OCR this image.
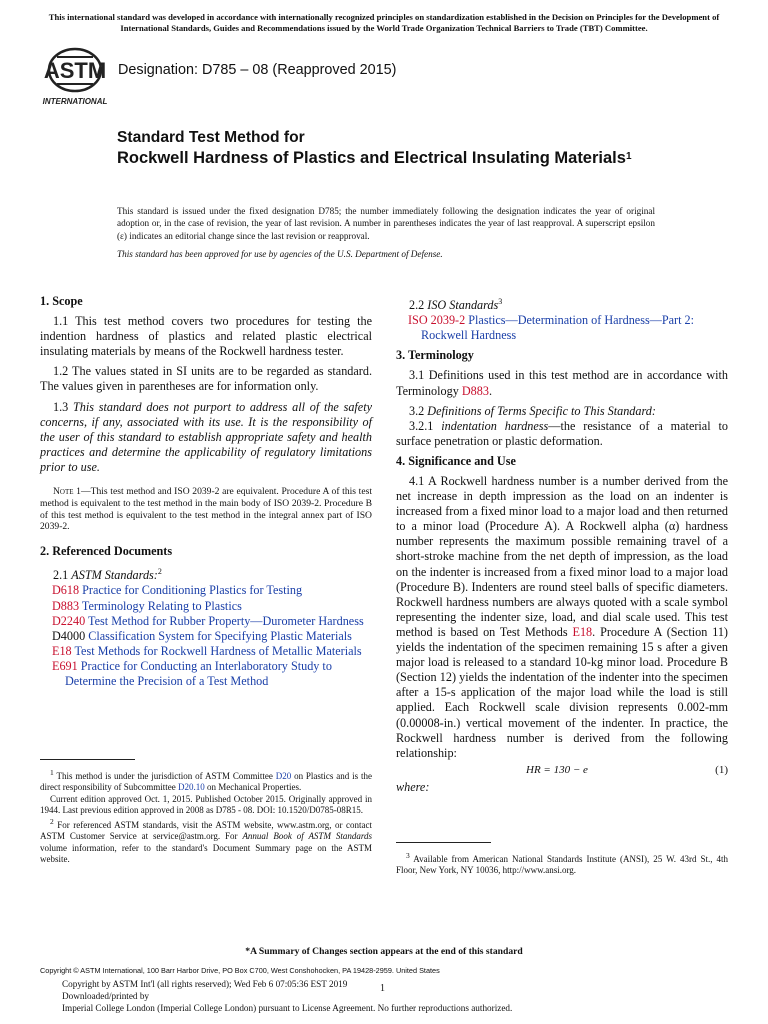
This international standard was developed in accordance with internationally recognized principles on standardization established in the Decision on Principles for the Development of International Standards, Guides and Recommendations issued by the World Trade Organization Technical Barriers to Trade (TBT) Committee.
ASTM
INTERNATIONAL
Designation: D785 – 08 (Reapproved 2015)
Standard Test Method for
Rockwell Hardness of Plastics and Electrical Insulating Materials$^1$
This standard is issued under the fixed designation D785; the number immediately following the designation indicates the year of original adoption or, in the case of revision, the year of last revision. A number in parentheses indicates the year of last reapproval. A superscript epsilon (ε) indicates an editorial change since the last revision or reapproval.
This standard has been approved for use by agencies of the U.S. Department of Defense.

1. Scope

1.1 This test method covers two procedures for testing the indention hardness of plastics and related plastic electrical insulating materials by means of the Rockwell hardness tester.

1.2 The values stated in SI units are to be regarded as standard. The values given in parentheses are for information only.

1.3 This standard does not purport to address all of the safety concerns, if any, associated with its use. It is the responsibility of the user of this standard to establish appropriate safety and health practices and determine the applicability of regulatory limitations prior to use.

Note 1—This test method and ISO 2039-2 are equivalent. Procedure A of this test method is equivalent to the test method in the main body of ISO 2039-2. Procedure B of this test method is equivalent to the test method in the integral annex part of ISO 2039-2.

2. Referenced Documents

2.1 ASTM Standards:$^2$

D618 Practice for Conditioning Plastics for Testing

D883 Terminology Relating to Plastics

D2240 Test Method for Rubber Property—Durometer Hardness

D4000 Classification System for Specifying Plastic Materials

E18 Test Methods for Rockwell Hardness of Metallic Materials

E691 Practice for Conducting an Interlaboratory Study to Determine the Precision of a Test Method

$^1$ This method is under the jurisdiction of ASTM Committee D20 on Plastics and is the direct responsibility of Subcommittee D20.10 on Mechanical Properties.

Current edition approved Oct. 1, 2015. Published October 2015. Originally approved in 1944. Last previous edition approved in 2008 as D785 - 08. DOI: 10.1520/D0785-08R15.

$^2$ For referenced ASTM standards, visit the ASTM website, www.astm.org, or contact ASTM Customer Service at service@astm.org. For Annual Book of ASTM Standards volume information, refer to the standard's Document Summary page on the ASTM website.

2.2 ISO Standards$^3$

ISO 2039-2 Plastics—Determination of Hardness—Part 2: Rockwell Hardness

3. Terminology

3.1 Definitions used in this test method are in accordance with Terminology D883.

3.2 Definitions of Terms Specific to This Standard:

3.2.1 indentation hardness—the resistance of a material to surface penetration or plastic deformation.

4. Significance and Use

4.1 A Rockwell hardness number is a number derived from the net increase in depth impression as the load on an indenter is increased from a fixed minor load to a major load and then returned to a minor load (Procedure A). A Rockwell alpha (α) hardness number represents the maximum possible remaining travel of a short-stroke machine from the net depth of impression, as the load on the indenter is increased from a fixed minor load to a major load (Procedure B). Indenters are round steel balls of specific diameters. Rockwell hardness numbers are always quoted with a scale symbol representing the indenter size, load, and dial scale used. This test method is based on Test Methods E18. Procedure A (Section 11) yields the indentation of the specimen remaining 15 s after a given major load is released to a standard 10-kg minor load. Procedure B (Section 12) yields the indentation of the indenter into the specimen after a 15-s application of the major load while the load is still applied. Each Rockwell scale division represents 0.002-mm (0.00008-in.) vertical movement of the indenter. In practice, the Rockwell hardness number is derived from the following relationship:

HR = 130 − e	(1)

where:

$^3$ Available from American National Standards Institute (ANSI), 25 W. 43rd St., 4th Floor, New York, NY 10036, http://www.ansi.org.

*A Summary of Changes section appears at the end of this standard
Copyright © ASTM International, 100 Barr Harbor Drive, PO Box C700, West Conshohocken, PA 19428-2959. United States
Copyright by ASTM Int'l (all rights reserved); Wed Feb 6 07:05:36 EST 2019
Downloaded/printed by
Imperial College London (Imperial College London) pursuant to License Agreement. No further reproductions authorized.
1
